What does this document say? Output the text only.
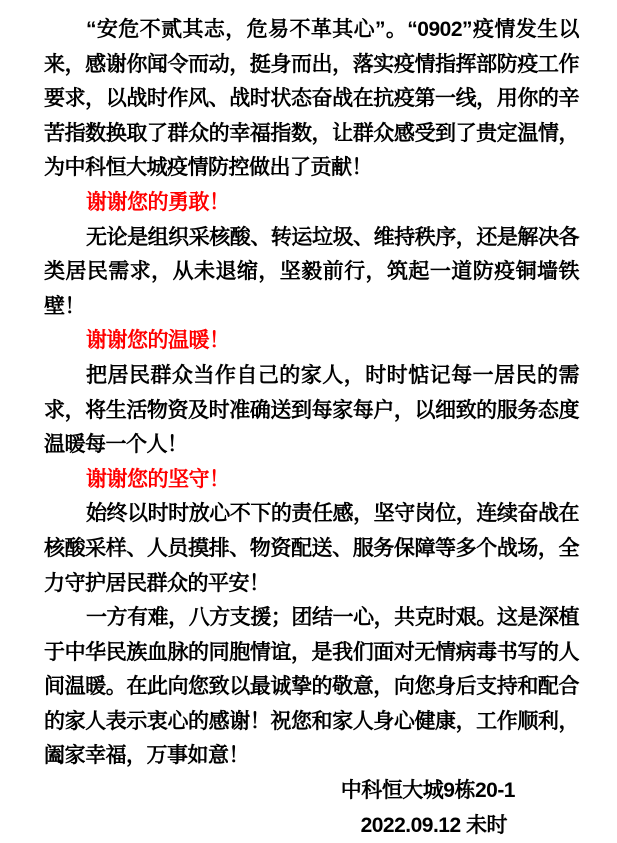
“安危不贰其志，危易不革其心”。“0902”疫情发生以来，感谢你闻令而动，挺身而出，落实疫情指挥部防疫工作要求，以战时作风、战时状态奋战在抗疫第一线，用你的辛苦指数换取了群众的幸福指数，让群众感受到了贵定温情，为中科恒大城疫情防控做出了贡献！

谢谢您的勇敢！

无论是组织采核酸、转运垃圾、维持秩序，还是解决各类居民需求，从未退缩，坚毅前行，筑起一道防疫铜墙铁壁！

谢谢您的温暖！

把居民群众当作自己的家人，时时惦记每一居民的需求，将生活物资及时准确送到每家每户，以细致的服务态度温暖每一个人！

谢谢您的坚守！

始终以时时放心不下的责任感，坚守岗位，连续奋战在核酸采样、人员摸排、物资配送、服务保障等多个战场，全力守护居民群众的平安！

一方有难，八方支援；团结一心，共克时艰。这是深植于中华民族血脉的同胞情谊，是我们面对无情病毒书写的人间温暖。在此向您致以最诚挚的敬意，向您身后支持和配合的家人表示衷心的感谢！祝您和家人身心健康，工作顺利，阖家幸福，万事如意！

中科恒大城9栋20-1

2022.09.12 未时
